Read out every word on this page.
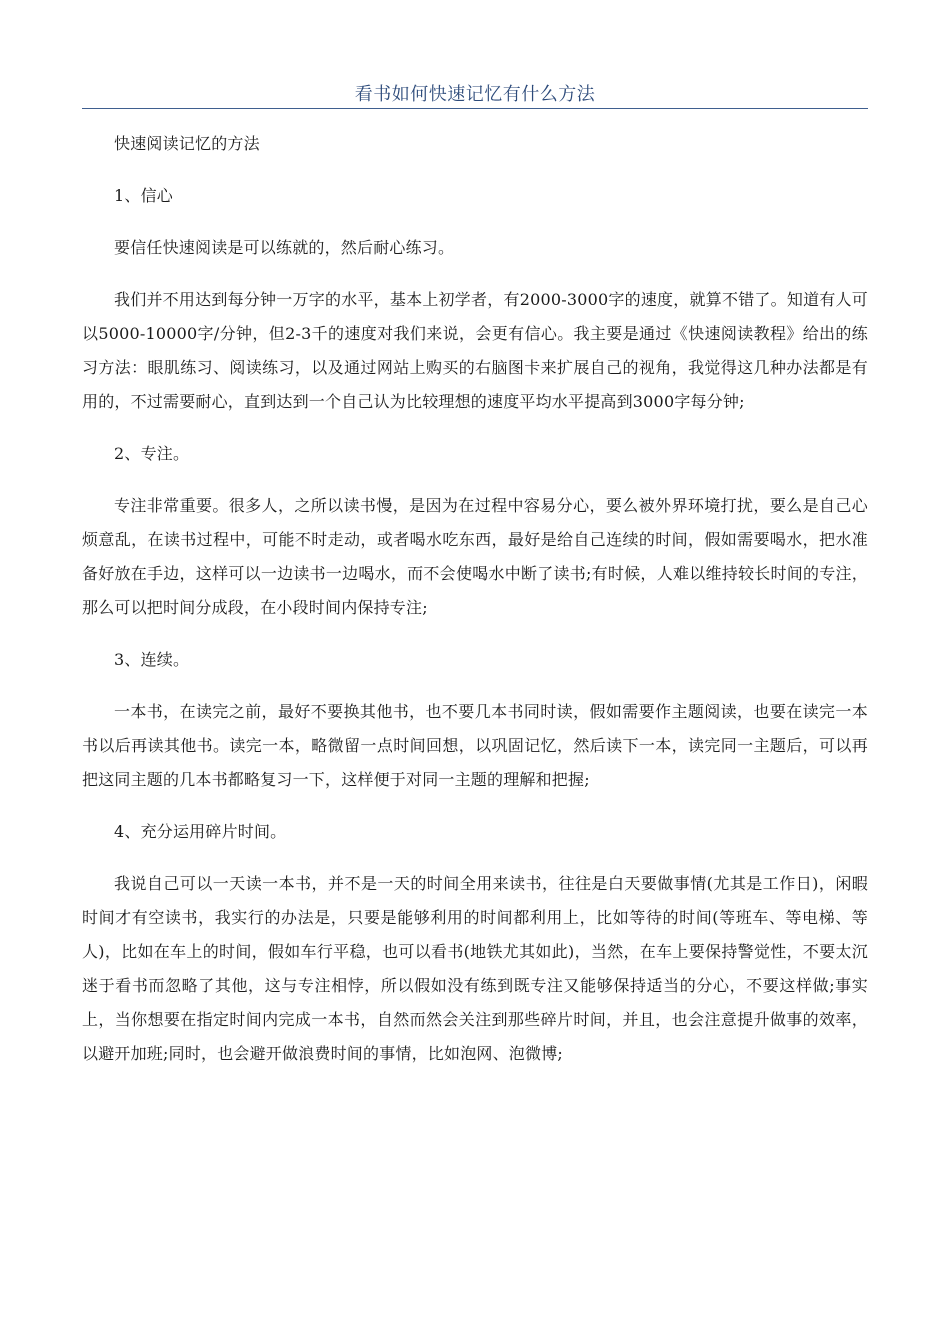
看书如何快速记忆有什么方法

快速阅读记忆的方法

1、信心

要信任快速阅读是可以练就的，然后耐心练习。

我们并不用达到每分钟一万字的水平，基本上初学者，有2000-3000字的速度，就算不错了。知道有人可以5000-10000字/分钟，但2-3千的速度对我们来说，会更有信心。我主要是通过《快速阅读教程》给出的练习方法：眼肌练习、阅读练习，以及通过网站上购买的右脑图卡来扩展自己的视角，我觉得这几种办法都是有用的，不过需要耐心，直到达到一个自己认为比较理想的速度平均水平提高到3000字每分钟;

2、专注。

专注非常重要。很多人，之所以读书慢，是因为在过程中容易分心，要么被外界环境打扰，要么是自己心烦意乱，在读书过程中，可能不时走动，或者喝水吃东西，最好是给自己连续的时间，假如需要喝水，把水准备好放在手边，这样可以一边读书一边喝水，而不会使喝水中断了读书;有时候，人难以维持较长时间的专注，那么可以把时间分成段，在小段时间内保持专注;

3、连续。

一本书，在读完之前，最好不要换其他书，也不要几本书同时读，假如需要作主题阅读，也要在读完一本书以后再读其他书。读完一本，略微留一点时间回想，以巩固记忆，然后读下一本，读完同一主题后，可以再把这同主题的几本书都略复习一下，这样便于对同一主题的理解和把握;

4、充分运用碎片时间。

我说自己可以一天读一本书，并不是一天的时间全用来读书，往往是白天要做事情(尤其是工作日)，闲暇时间才有空读书，我实行的办法是，只要是能够利用的时间都利用上，比如等待的时间(等班车、等电梯、等人)，比如在车上的时间，假如车行平稳，也可以看书(地铁尤其如此)，当然，在车上要保持警觉性，不要太沉迷于看书而忽略了其他，这与专注相悖，所以假如没有练到既专注又能够保持适当的分心，不要这样做;事实上，当你想要在指定时间内完成一本书，自然而然会关注到那些碎片时间，并且，也会注意提升做事的效率，以避开加班;同时，也会避开做浪费时间的事情，比如泡网、泡微博;
